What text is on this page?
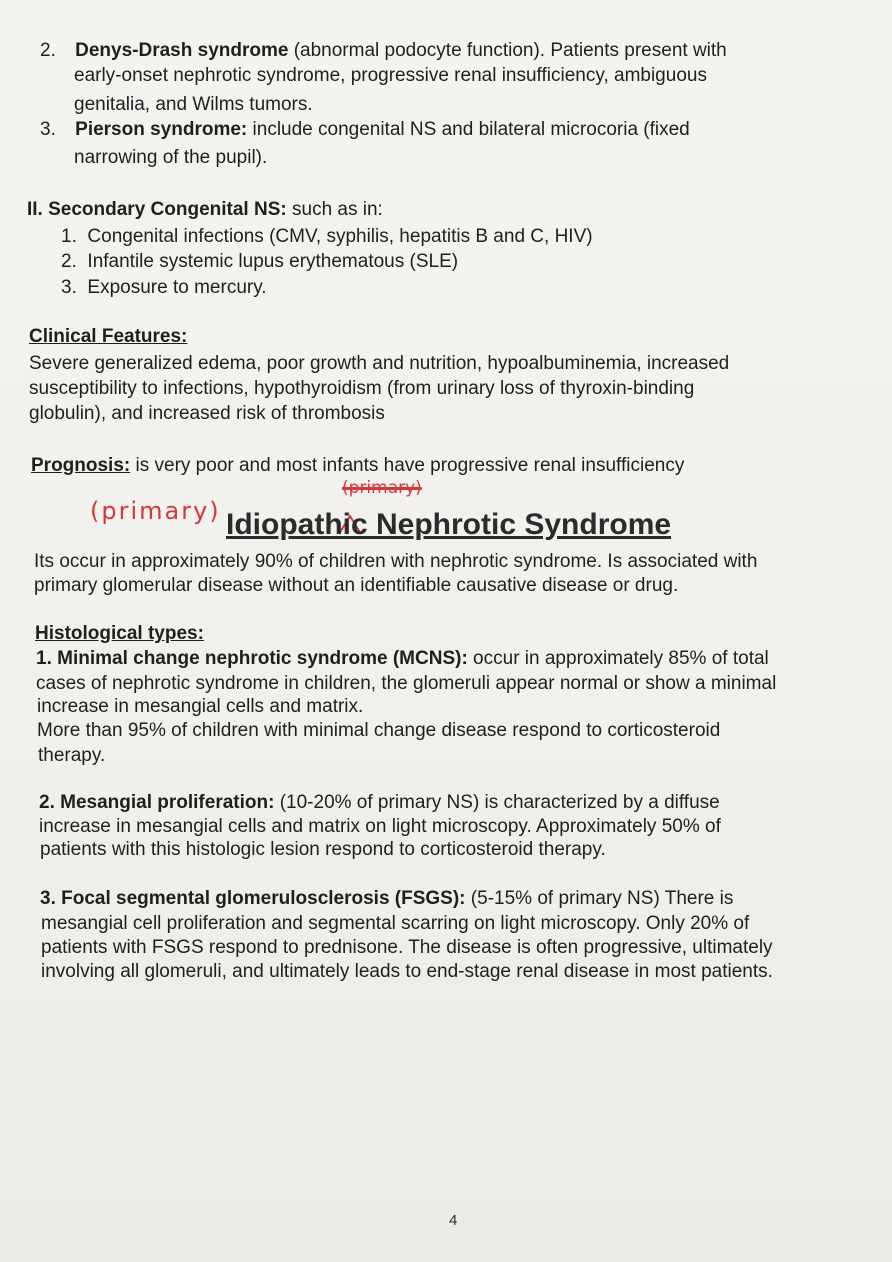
2. Denys-Drash syndrome (abnormal podocyte function). Patients present with
early-onset nephrotic syndrome, progressive renal insufficiency, ambiguous
genitalia, and Wilms tumors.
3. Pierson syndrome: include congenital NS and bilateral microcoria (fixed
narrowing of the pupil).
II. Secondary Congenital NS: such as in:
1. Congenital infections (CMV, syphilis, hepatitis B and C, HIV)
2. Infantile systemic lupus erythematous (SLE)
3. Exposure to mercury.
Clinical Features:
Severe generalized edema, poor growth and nutrition, hypoalbuminemia, increased
susceptibility to infections, hypothyroidism (from urinary loss of thyroxin-binding
globulin), and increased risk of thrombosis
Prognosis: is very poor and most infants have progressive renal insufficiency
(primary)
(primary)
Idiopathic Nephrotic Syndrome
Its occur in approximately 90% of children with nephrotic syndrome. Is associated with
primary glomerular disease without an identifiable causative disease or drug.
Histological types:
1. Minimal change nephrotic syndrome (MCNS): occur in approximately 85% of total
cases of nephrotic syndrome in children, the glomeruli appear normal or show a minimal
increase in mesangial cells and matrix.
More than 95% of children with minimal change disease respond to corticosteroid
therapy.
2. Mesangial proliferation: (10-20% of primary NS) is characterized by a diffuse
increase in mesangial cells and matrix on light microscopy. Approximately 50% of
patients with this histologic lesion respond to corticosteroid therapy.
3. Focal segmental glomerulosclerosis (FSGS): (5-15% of primary NS) There is
mesangial cell proliferation and segmental scarring on light microscopy. Only 20% of
patients with FSGS respond to prednisone. The disease is often progressive, ultimately
involving all glomeruli, and ultimately leads to end-stage renal disease in most patients.
4
